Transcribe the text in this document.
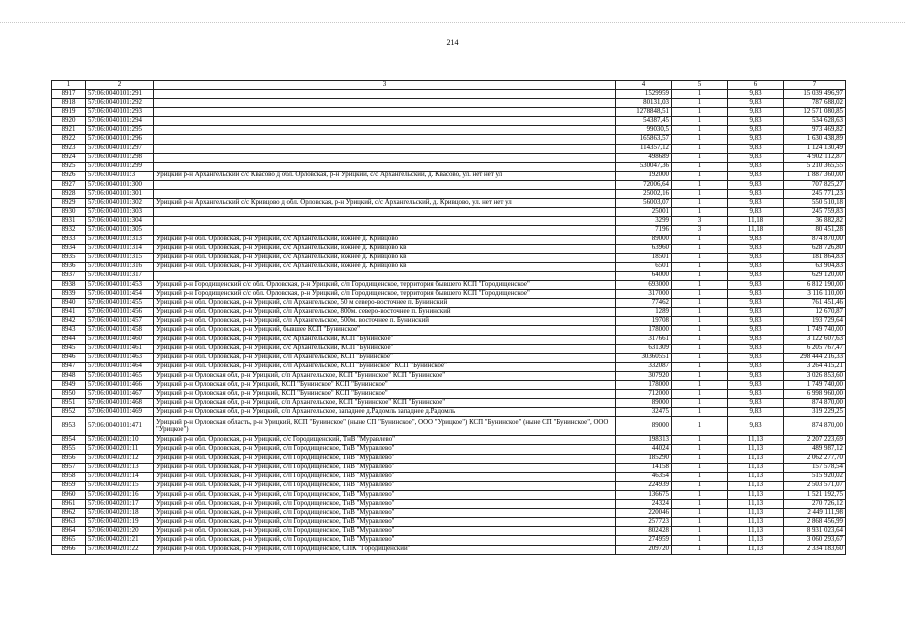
214
1	2	3	4	5	6	7
8917	57:06:0040101:291		1529959	1	9,83	15 039 496,97
8918	57:06:0040101:292		80131,03	1	9,83	787 688,02
8919	57:06:0040101:293		1278848,51	1	9,83	12 571 080,85
8920	57:06:0040101:294		54387,45	1	9,83	534 628,63
8921	57:06:0040101:295		99030,5	1	9,83	973 469,82
8922	57:06:0040101:296		165863,57	1	9,83	1 630 438,89
8923	57:06:0040101:297		114357,12	1	9,83	1 124 130,49
8924	57:06:0040101:298		498689	1	9,83	4 902 112,87
8925	57:06:0040101:299		530047,36	1	9,83	5 210 365,55
8926	57:06:0040101:3	Урицкий р-н Архангельский с/с Квасово д обл. Орловская, р-н Урицкий, с/с Архангельский, д. Квасово, ул. нет нет ул	192000	1	9,83	1 887 360,00
8927	57:06:0040101:300		72006,64	1	9,83	707 825,27
8928	57:06:0040101:301		25002,16	1	9,83	245 771,23
8929	57:06:0040101:302	Урицкий р-н Архангельский с/с Кривцово д обл. Орловская, р-н Урицкий, с/с Архангельский, д. Кривцово, ул. нет нет ул	56003,07	1	9,83	550 510,18
8930	57:06:0040101:303		25001	1	9,83	245 759,83
8931	57:06:0040101:304		3299	3	11,18	36 882,82
8932	57:06:0040101:305		7196	3	11,18	80 451,28
8933	57:06:0040101:313	Урицкий р-н обл. Орловская, р-н Урицкий, с/с Архангельский, южнее д. Кривцово	89000	1	9,83	874 870,00
8934	57:06:0040101:314	Урицкий р-н обл. Орловская, р-н Урицкий, с/с Архангельский, южнее д. Кривцово кв	63960	1	9,83	628 726,80
8935	57:06:0040101:315	Урицкий р-н обл. Орловская, р-н Урицкий, с/с Архангельский, южнее д. Кривцово кв	18501	1	9,83	181 864,83
8936	57:06:0040101:316	Урицкий р-н обл. Орловская, р-н Урицкий, с/с Архангельский, южнее д. Кривцово кв	6501	1	9,83	63 904,83
8937	57:06:0040101:317		64000	1	9,83	629 120,00
8938	57:06:0040101:453	Урицкий р-н Городищенский с/с обл. Орловская, р-н Урицкий, с/п Городищенское, территория бывшего КСП "Городищенское"	693000	1	9,83	6 812 190,00
8939	57:06:0040101:454	Урицкий р-н Городищенский с/с обл. Орловская, р-н Урицкий, с/п Городищенское, территория бывшего КСП "Городищенское"	317000	1	9,83	3 116 110,00
8940	57:06:0040101:455	Урицкий р-н обл. Орловская, р-н Урицкий, с/п Архангельское, 50 м северо-восточнее п. Бунинский	77462	1	9,83	761 451,46
8941	57:06:0040101:456	Урицкий р-н обл. Орловская, р-н Урицкий, с/п Архангельское, 800м. северо-восточнее п. Бунинский	1289	1	9,83	12 670,87
8942	57:06:0040101:457	Урицкий р-н обл. Орловская, р-н Урицкий, с/п Архангельское, 500м. восточнее п. Бунинский	19708	1	9,83	193 729,64
8943	57:06:0040101:458	Урицкий р-н обл. Орловская, р-н Урицкий, бывшее КСП "Бунинское"	178000	1	9,83	1 749 740,00
8944	57:06:0040101:460	Урицкий р-н обл. Орловская, р-н Урицкий, с/с Архангельский, КСП "Бунинское"	317661	1	9,83	3 122 607,63
8945	57:06:0040101:461	Урицкий р-н обл. Орловская, р-н Урицкий, с/с Архангельский, КСП "Бунинское"	631309	1	9,83	6 205 767,47
8946	57:06:0040101:463	Урицкий р-н обл. Орловская, р-н Урицкий, с/п Архангельское, КСП "Бунинское"	30360551	1	9,83	298 444 216,33
8947	57:06:0040101:464	Урицкий р-н обл. Орловская, р-н Урицкий, с/п Архангельское, КСП "Бунинское" КСП "Бунинское"	332087	1	9,83	3 264 415,21
8948	57:06:0040101:465	Урицкий р-н Орловская обл, р-н Урицкий, с/п Архангельское, КСП "Бунинское" КСП "Бунинское"	307920	1	9,83	3 026 853,60
8949	57:06:0040101:466	Урицкий р-н Орловская обл, р-н Урицкий, КСП "Бунинское" КСП "Бунинское"	178000	1	9,83	1 749 740,00
8950	57:06:0040101:467	Урицкий р-н Орловская обл, р-н Урицкий, КСП "Бунинское" КСП "Бунинское"	712000	1	9,83	6 998 960,00
8951	57:06:0040101:468	Урицкий р-н Орловская обл, р-н Урицкий, с/п Архангельское, КСП "Бунинское" КСП "Бунинское"	89000	1	9,83	874 870,00
8952	57:06:0040101:469	Урицкий р-н Орловская обл, р-н Урицкий, с/п Архангельское, западнее д.Радомль западнее д.Радомль	32475	1	9,83	319 229,25
8953	57:06:0040101:471	Урицкий р-н Орловская область, р-н Урицкий, КСП "Бунинское" (ныне СП "Бунинское", ООО "Урицкое") КСП "Бунинское" (ныне СП "Бунинское", ООО "Урицкое")	89000	1	9,83	874 870,00
8954	57:06:0040201:10	Урицкий р-н обл. Орловская, р-н Урицкий, с/с Городищенский, ТнВ "Муравлево"	198313	1	11,13	2 207 223,69
8955	57:06:0040201:11	Урицкий р-н обл. Орловская, р-н Урицкий, с/п Городищенское, ТнВ "Муравлево"	44024	1	11,13	489 987,12
8956	57:06:0040201:12	Урицкий р-н обл. Орловская, р-н Урицкий, с/п Городищенское, ТнВ "Муравлево"	185290	1	11,13	2 062 277,70
8957	57:06:0040201:13	Урицкий р-н обл. Орловская, р-н Урицкий, с/п Городищенское, ТнВ "Муравлево"	14158	1	11,13	157 578,54
8958	57:06:0040201:14	Урицкий р-н обл. Орловская, р-н Урицкий, с/п Городищенское, ТнВ "Муравлево"	46354	1	11,13	515 920,02
8959	57:06:0040201:15	Урицкий р-н обл. Орловская, р-н Урицкий, с/п Городищенское, ТнВ "Муравлево"	224939	1	11,13	2 503 571,07
8960	57:06:0040201:16	Урицкий р-н обл. Орловская, р-н Урицкий, с/п Городищенское, ТнВ "Муравлево"	136675	1	11,13	1 521 192,75
8961	57:06:0040201:17	Урицкий р-н обл. Орловская, р-н Урицкий, с/п Городищенское, ТнВ "Муравлево"	24324	1	11,13	270 726,12
8962	57:06:0040201:18	Урицкий р-н обл. Орловская, р-н Урицкий, с/п Городищенское, ТнВ "Муравлево"	220046	1	11,13	2 449 111,98
8963	57:06:0040201:19	Урицкий р-н обл. Орловская, р-н Урицкий, с/п Городищенское, ТнВ "Муравлево"	257723	1	11,13	2 868 456,99
8964	57:06:0040201:20	Урицкий р-н обл. Орловская, р-н Урицкий, с/п Городищенское, ТнВ "Муравлево"	802428	1	11,13	8 931 023,64
8965	57:06:0040201:21	Урицкий р-н обл. Орловская, р-н Урицкий, с/п Городищенское, ТнВ "Муравлево"	274959	1	11,13	3 060 293,67
8966	57:06:0040201:22	Урицкий р-н обл. Орловская, р-н Урицкий, с/п Городищенское, СПК "Городищенский"	209720	1	11,13	2 334 183,60
